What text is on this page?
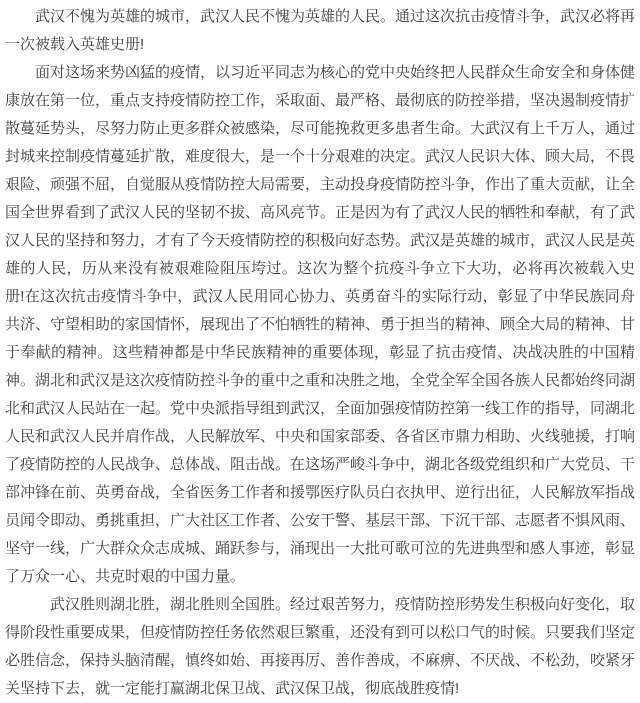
武汉不愧为英雄的城市，武汉人民不愧为英雄的人民。通过这次抗击疫情斗争，武汉必将再一次被载入英雄史册!

面对这场来势凶猛的疫情，以习近平同志为核心的党中央始终把人民群众生命安全和身体健康放在第一位，重点支持疫情防控工作，采取面、最严格、最彻底的防控举措，坚决遏制疫情扩散蔓延势头，尽努力防止更多群众被感染，尽可能挽救更多患者生命。大武汉有上千万人，通过封城来控制疫情蔓延扩散，难度很大，是一个十分艰难的决定。武汉人民识大体、顾大局，不畏艰险、顽强不屈，自觉服从疫情防控大局需要，主动投身疫情防控斗争，作出了重大贡献，让全国全世界看到了武汉人民的坚韧不拔、高风亮节。正是因为有了武汉人民的牺牲和奉献，有了武汉人民的坚持和努力，才有了今天疫情防控的积极向好态势。武汉是英雄的城市，武汉人民是英雄的人民，历从来没有被艰难险阻压垮过。这次为整个抗疫斗争立下大功，必将再次被载入史册!在这次抗击疫情斗争中，武汉人民用同心协力、英勇奋斗的实际行动，彰显了中华民族同舟共济、守望相助的家国情怀，展现出了不怕牺牲的精神、勇于担当的精神、顾全大局的精神、甘于奉献的精神。这些精神都是中华民族精神的重要体现，彰显了抗击疫情、决战决胜的中国精神。湖北和武汉是这次疫情防控斗争的重中之重和决胜之地，全党全军全国各族人民都始终同湖北和武汉人民站在一起。党中央派指导组到武汉，全面加强疫情防控第一线工作的指导，同湖北人民和武汉人民并肩作战，人民解放军、中央和国家部委、各省区市鼎力相助、火线驰援，打响了疫情防控的人民战争、总体战、阻击战。在这场严峻斗争中，湖北各级党组织和广大党员、干部冲锋在前、英勇奋战，全省医务工作者和援鄂医疗队员白衣执甲、逆行出征，人民解放军指战员闻令即动、勇挑重担，广大社区工作者、公安干警、基层干部、下沉干部、志愿者不惧风雨、坚守一线，广大群众众志成城、踊跃参与，涌现出一大批可歌可泣的先进典型和感人事迹，彰显了万众一心、共克时艰的中国力量。

武汉胜则湖北胜，湖北胜则全国胜。经过艰苦努力，疫情防控形势发生积极向好变化，取得阶段性重要成果，但疫情防控任务依然艰巨繁重，还没有到可以松口气的时候。只要我们坚定必胜信念，保持头脑清醒，慎终如始、再接再厉、善作善成，不麻痹、不厌战、不松劲，咬紧牙关坚持下去，就一定能打赢湖北保卫战、武汉保卫战，彻底战胜疫情!
